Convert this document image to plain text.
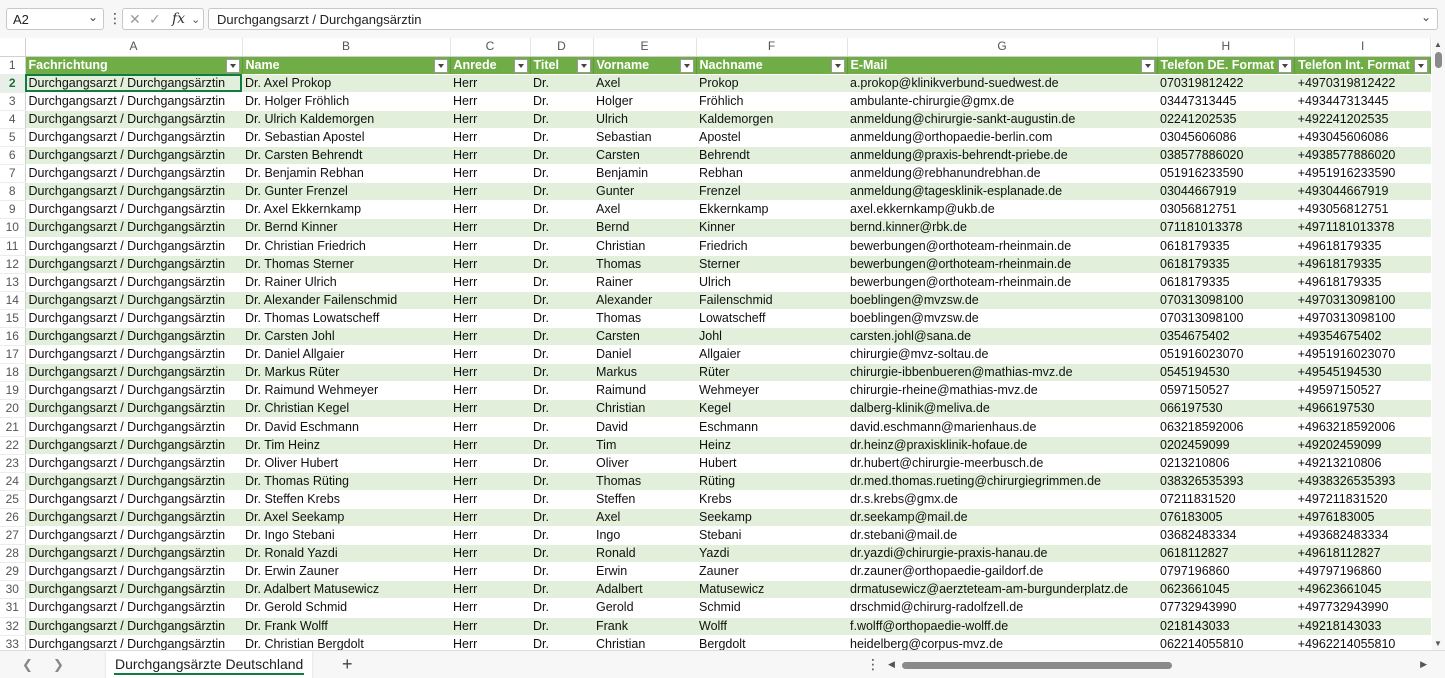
A2	⌄ ⋮ ✕ ✓ fx ⌄	Durchgangsarzt / Durchgangsärztin	⌄
	A	B	C	D	E	F	G	H	I
1	Fachrichtung	Name	Anrede	Titel	Vorname	Nachname	E-Mail	Telefon DE. Format	Telefon Int. Format

2	Durchgangsarzt / Durchgangsärztin	Dr. Axel Prokop	Herr	Dr.	Axel	Prokop	a.prokop@klinikverbund-suedwest.de	070319812422	+4970319812422
3	Durchgangsarzt / Durchgangsärztin	Dr. Holger Fröhlich	Herr	Dr.	Holger	Fröhlich	ambulante-chirurgie@gmx.de	03447313445	+493447313445
4	Durchgangsarzt / Durchgangsärztin	Dr. Ulrich Kaldemorgen	Herr	Dr.	Ulrich	Kaldemorgen	anmeldung@chirurgie-sankt-augustin.de	02241202535	+492241202535
5	Durchgangsarzt / Durchgangsärztin	Dr. Sebastian Apostel	Herr	Dr.	Sebastian	Apostel	anmeldung@orthopaedie-berlin.com	03045606086	+493045606086
6	Durchgangsarzt / Durchgangsärztin	Dr. Carsten Behrendt	Herr	Dr.	Carsten	Behrendt	anmeldung@praxis-behrendt-priebe.de	038577886020	+4938577886020
7	Durchgangsarzt / Durchgangsärztin	Dr. Benjamin Rebhan	Herr	Dr.	Benjamin	Rebhan	anmeldung@rebhanundrebhan.de	051916233590	+4951916233590
8	Durchgangsarzt / Durchgangsärztin	Dr. Gunter Frenzel	Herr	Dr.	Gunter	Frenzel	anmeldung@tagesklinik-esplanade.de	03044667919	+493044667919
9	Durchgangsarzt / Durchgangsärztin	Dr. Axel Ekkernkamp	Herr	Dr.	Axel	Ekkernkamp	axel.ekkernkamp@ukb.de	03056812751	+493056812751
10	Durchgangsarzt / Durchgangsärztin	Dr. Bernd Kinner	Herr	Dr.	Bernd	Kinner	bernd.kinner@rbk.de	071181013378	+4971181013378
11	Durchgangsarzt / Durchgangsärztin	Dr. Christian Friedrich	Herr	Dr.	Christian	Friedrich	bewerbungen@orthoteam-rheinmain.de	0618179335	+49618179335
12	Durchgangsarzt / Durchgangsärztin	Dr. Thomas Sterner	Herr	Dr.	Thomas	Sterner	bewerbungen@orthoteam-rheinmain.de	0618179335	+49618179335
13	Durchgangsarzt / Durchgangsärztin	Dr. Rainer Ulrich	Herr	Dr.	Rainer	Ulrich	bewerbungen@orthoteam-rheinmain.de	0618179335	+49618179335
14	Durchgangsarzt / Durchgangsärztin	Dr. Alexander Failenschmid	Herr	Dr.	Alexander	Failenschmid	boeblingen@mvzsw.de	070313098100	+4970313098100
15	Durchgangsarzt / Durchgangsärztin	Dr. Thomas Lowatscheff	Herr	Dr.	Thomas	Lowatscheff	boeblingen@mvzsw.de	070313098100	+4970313098100
16	Durchgangsarzt / Durchgangsärztin	Dr. Carsten Johl	Herr	Dr.	Carsten	Johl	carsten.johl@sana.de	0354675402	+49354675402
17	Durchgangsarzt / Durchgangsärztin	Dr. Daniel Allgaier	Herr	Dr.	Daniel	Allgaier	chirurgie@mvz-soltau.de	051916023070	+4951916023070
18	Durchgangsarzt / Durchgangsärztin	Dr. Markus Rüter	Herr	Dr.	Markus	Rüter	chirurgie-ibbenbueren@mathias-mvz.de	0545194530	+49545194530
19	Durchgangsarzt / Durchgangsärztin	Dr. Raimund Wehmeyer	Herr	Dr.	Raimund	Wehmeyer	chirurgie-rheine@mathias-mvz.de	0597150527	+49597150527
20	Durchgangsarzt / Durchgangsärztin	Dr. Christian Kegel	Herr	Dr.	Christian	Kegel	dalberg-klinik@meliva.de	066197530	+4966197530
21	Durchgangsarzt / Durchgangsärztin	Dr. David Eschmann	Herr	Dr.	David	Eschmann	david.eschmann@marienhaus.de	063218592006	+4963218592006
22	Durchgangsarzt / Durchgangsärztin	Dr. Tim Heinz	Herr	Dr.	Tim	Heinz	dr.heinz@praxisklinik-hofaue.de	0202459099	+49202459099
23	Durchgangsarzt / Durchgangsärztin	Dr. Oliver Hubert	Herr	Dr.	Oliver	Hubert	dr.hubert@chirurgie-meerbusch.de	0213210806	+49213210806
24	Durchgangsarzt / Durchgangsärztin	Dr. Thomas Rüting	Herr	Dr.	Thomas	Rüting	dr.med.thomas.rueting@chirurgiegrimmen.de	038326535393	+4938326535393
25	Durchgangsarzt / Durchgangsärztin	Dr. Steffen Krebs	Herr	Dr.	Steffen	Krebs	dr.s.krebs@gmx.de	07211831520	+497211831520
26	Durchgangsarzt / Durchgangsärztin	Dr. Axel Seekamp	Herr	Dr.	Axel	Seekamp	dr.seekamp@mail.de	076183005	+4976183005
27	Durchgangsarzt / Durchgangsärztin	Dr. Ingo Stebani	Herr	Dr.	Ingo	Stebani	dr.stebani@mail.de	03682483334	+493682483334
28	Durchgangsarzt / Durchgangsärztin	Dr. Ronald Yazdi	Herr	Dr.	Ronald	Yazdi	dr.yazdi@chirurgie-praxis-hanau.de	0618112827	+49618112827
29	Durchgangsarzt / Durchgangsärztin	Dr. Erwin Zauner	Herr	Dr.	Erwin	Zauner	dr.zauner@orthopaedie-gaildorf.de	0797196860	+49797196860
30	Durchgangsarzt / Durchgangsärztin	Dr. Adalbert Matusewicz	Herr	Dr.	Adalbert	Matusewicz	drmatusewicz@aerzteteam-am-burgunderplatz.de	0623661045	+49623661045
31	Durchgangsarzt / Durchgangsärztin	Dr. Gerold Schmid	Herr	Dr.	Gerold	Schmid	drschmid@chirurg-radolfzell.de	07732943990	+497732943990
32	Durchgangsarzt / Durchgangsärztin	Dr. Frank Wolff	Herr	Dr.	Frank	Wolff	f.wolff@orthopaedie-wolff.de	0218143033	+49218143033
33	Durchgangsarzt / Durchgangsärztin	Dr. Christian Bergdolt	Herr	Dr.	Christian	Bergdolt	heidelberg@corpus-mvz.de	062214055810	+4962214055810
▲
▼
❮ ❯	Durchgangsärzte Deutschland	+	⋮ ◀	▶
